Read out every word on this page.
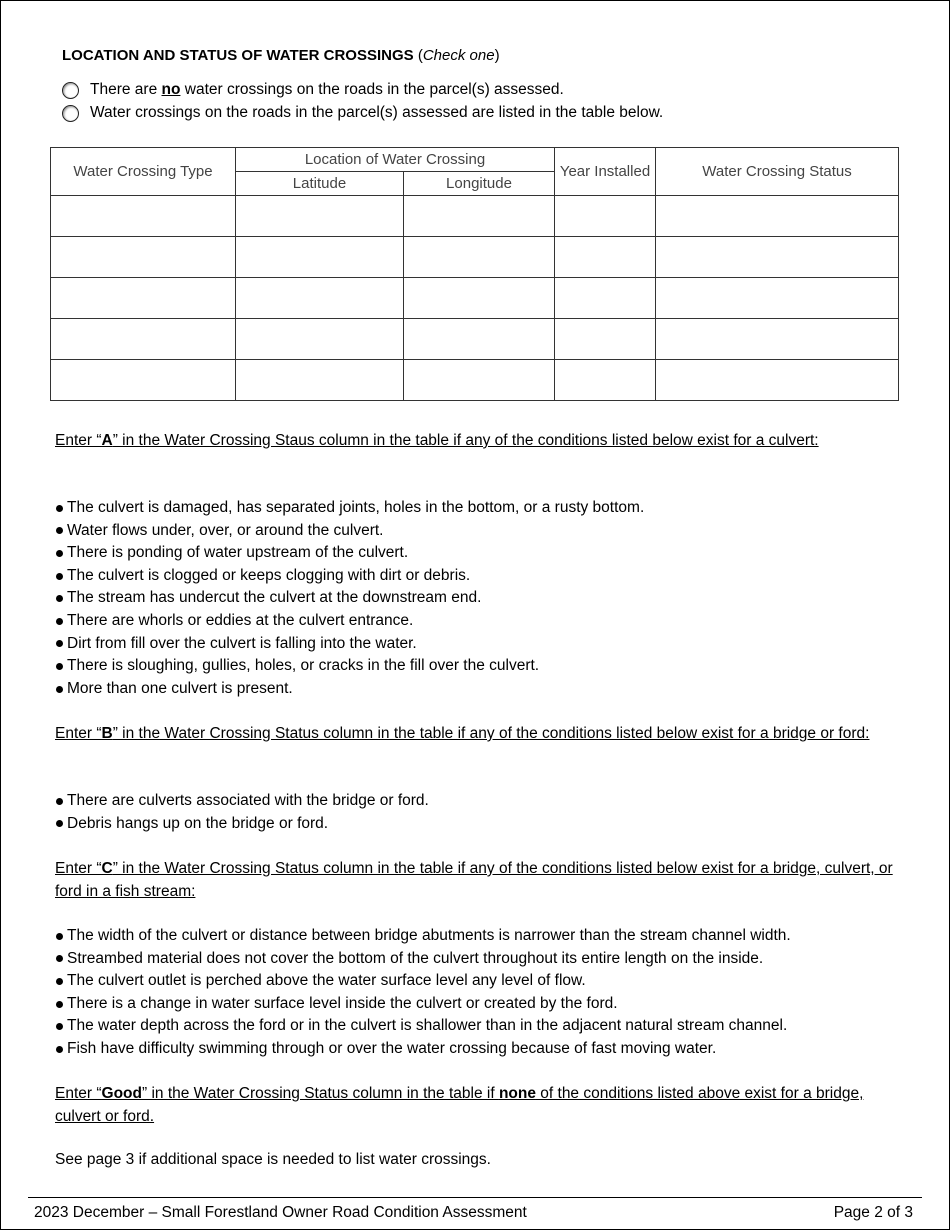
LOCATION AND STATUS OF WATER CROSSINGS (Check one)
There are no water crossings on the roads in the parcel(s) assessed.
Water crossings on the roads in the parcel(s) assessed are listed in the table below.
Water Crossing Type	Location of Water Crossing		Year Installed	Water Crossing Status
	Latitude	Longitude		

Enter “A” in the Water Crossing Staus column in the table if any of the conditions listed below exist for a culvert:
The culvert is damaged, has separated joints, holes in the bottom, or a rusty bottom.
Water flows under, over, or around the culvert.
There is ponding of water upstream of the culvert.
The culvert is clogged or keeps clogging with dirt or debris.
The stream has undercut the culvert at the downstream end.
There are whorls or eddies at the culvert entrance.
Dirt from fill over the culvert is falling into the water.
There is sloughing, gullies, holes, or cracks in the fill over the culvert.
More than one culvert is present.
Enter “B” in the Water Crossing Status column in the table if any of the conditions listed below exist for a bridge or ford:
There are culverts associated with the bridge or ford.
Debris hangs up on the bridge or ford.
Enter “C” in the Water Crossing Status column in the table if any of the conditions listed below exist for a bridge, culvert, or ford in a fish stream:
The width of the culvert or distance between bridge abutments is narrower than the stream channel width.
Streambed material does not cover the bottom of the culvert throughout its entire length on the inside.
The culvert outlet is perched above the water surface level any level of flow.
There is a change in water surface level inside the culvert or created by the ford.
The water depth across the ford or in the culvert is shallower than in the adjacent natural stream channel.
Fish have difficulty swimming through or over the water crossing because of fast moving water.
Enter “Good” in the Water Crossing Status column in the table if none of the conditions listed above exist for a bridge, culvert or ford.
See page 3 if additional space is needed to list water crossings.
2023 December – Small Forestland Owner Road Condition Assessment	Page 2 of 3
